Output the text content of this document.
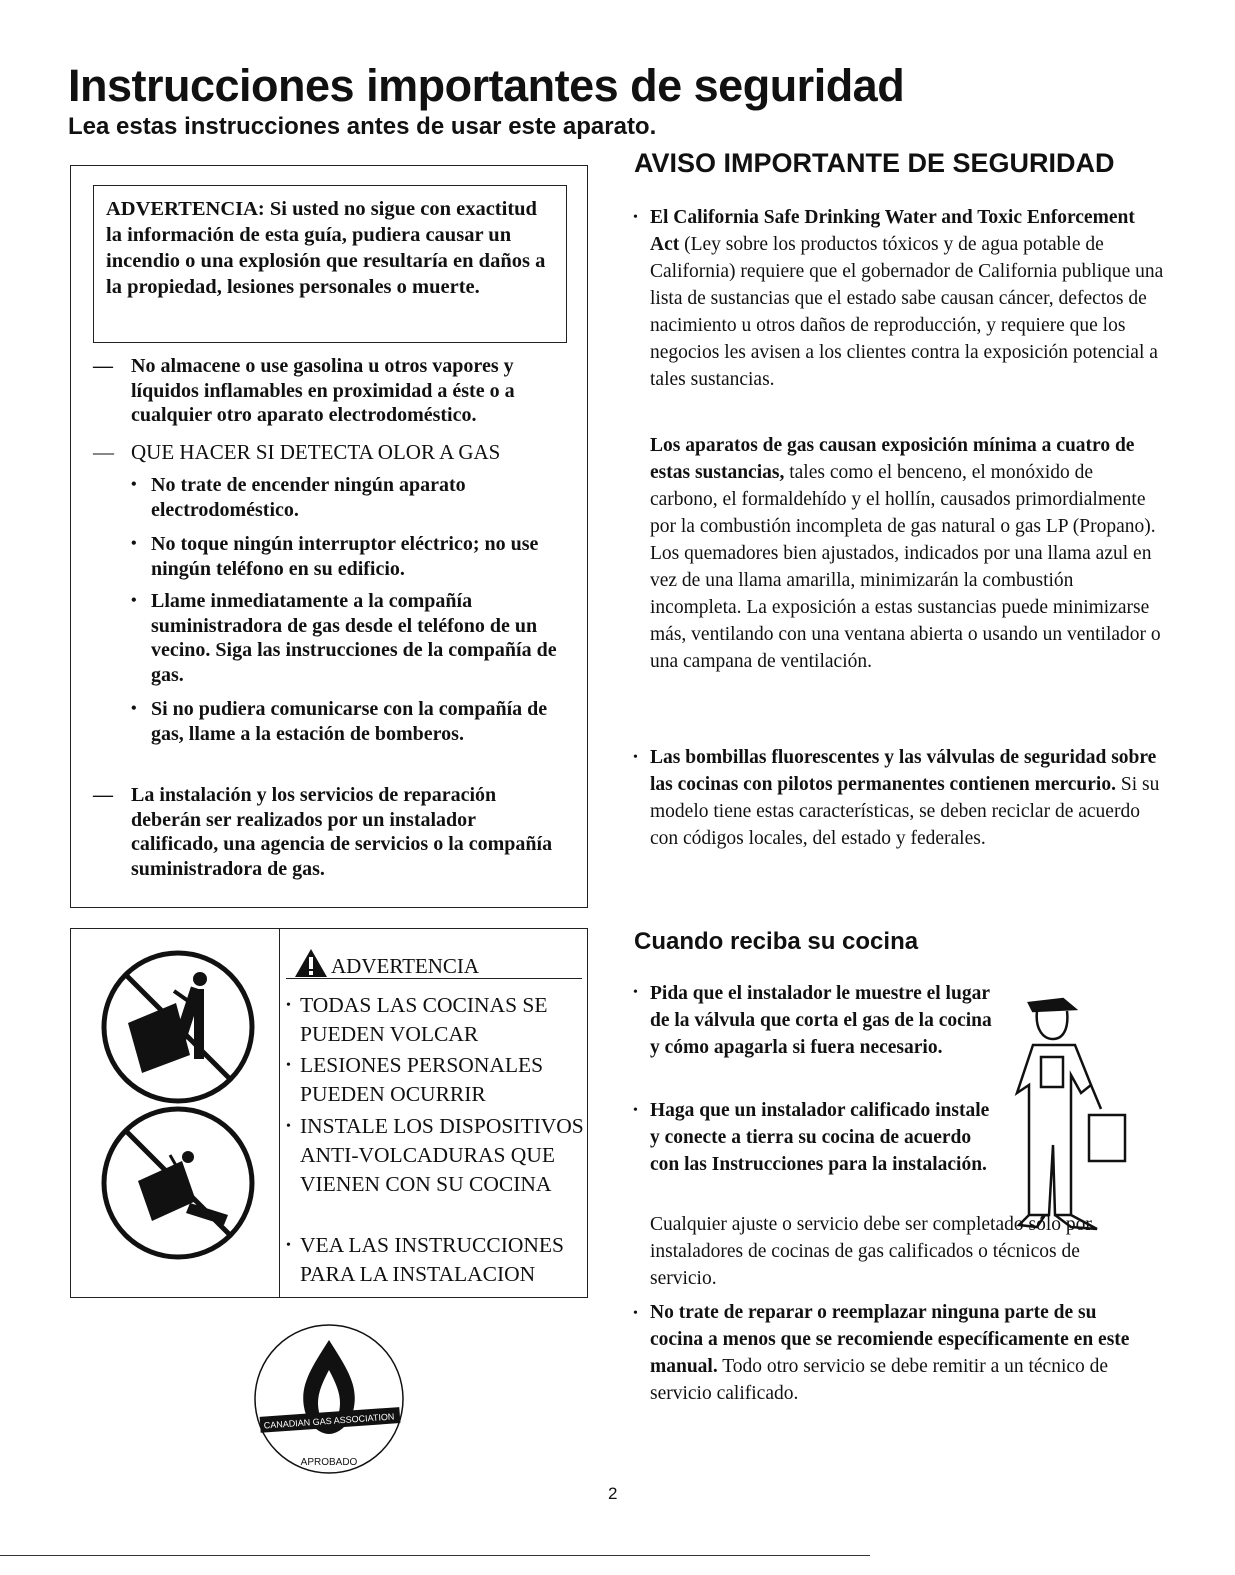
Instrucciones importantes de seguridad
Lea estas instrucciones antes de usar este aparato.
ADVERTENCIA: Si usted no sigue con exactitud la información de esta guía, pudiera causar un incendio o una explosión que resultaría en daños a la propiedad, lesiones personales o muerte.
— No almacene o use gasolina u otros vapores y líquidos inflamables en proximidad a éste o a cualquier otro aparato electrodoméstico.
— QUE HACER SI DETECTA OLOR A GAS
• No trate de encender ningún aparato electrodoméstico.
• No toque ningún interruptor eléctrico; no use ningún teléfono en su edificio.
• Llame inmediatamente a la compañía suministradora de gas desde el teléfono de un vecino. Siga las instrucciones de la compañía de gas.
• Si no pudiera comunicarse con la compañía de gas, llame a la estación de bomberos.
— La instalación y los servicios de reparación deberán ser realizados por un instalador calificado, una agencia de servicios o la compañía suministradora de gas.
ADVERTENCIA
• TODAS LAS COCINAS SE PUEDEN VOLCAR
• LESIONES PERSONALES PUEDEN OCURRIR
• INSTALE LOS DISPOSITIVOS ANTI-VOLCADURAS QUE VIENEN CON SU COCINA
• VEA LAS INSTRUCCIONES PARA LA INSTALACION
CANADIAN GAS ASSOCIATION
APROBADO
AVISO IMPORTANTE DE SEGURIDAD
• El California Safe Drinking Water and Toxic Enforcement Act (Ley sobre los productos tóxicos y de agua potable de California) requiere que el gobernador de California publique una lista de sustancias que el estado sabe causan cáncer, defectos de nacimiento u otros daños de reproducción, y requiere que los negocios les avisen a los clientes contra la exposición potencial a tales sustancias.
Los aparatos de gas causan exposición mínima a cuatro de estas sustancias, tales como el benceno, el monóxido de carbono, el formaldehído y el hollín, causados primordialmente por la combustión incompleta de gas natural o gas LP (Propano). Los quemadores bien ajustados, indicados por una llama azul en vez de una llama amarilla, minimizarán la combustión incompleta. La exposición a estas sustancias puede minimizarse más, ventilando con una ventana abierta o usando un ventilador o una campana de ventilación.
• Las bombillas fluorescentes y las válvulas de seguridad sobre las cocinas con pilotos permanentes contienen mercurio. Si su modelo tiene estas características, se deben reciclar de acuerdo con códigos locales, del estado y federales.
Cuando reciba su cocina
• Pida que el instalador le muestre el lugar de la válvula que corta el gas de la cocina y cómo apagarla si fuera necesario.
• Haga que un instalador calificado instale y conecte a tierra su cocina de acuerdo con las Instrucciones para la instalación.
Cualquier ajuste o servicio debe ser completado sólo por instaladores de cocinas de gas calificados o técnicos de servicio.
• No trate de reparar o reemplazar ninguna parte de su cocina a menos que se recomiende específicamente en este manual. Todo otro servicio se debe remitir a un técnico de servicio calificado.
2
